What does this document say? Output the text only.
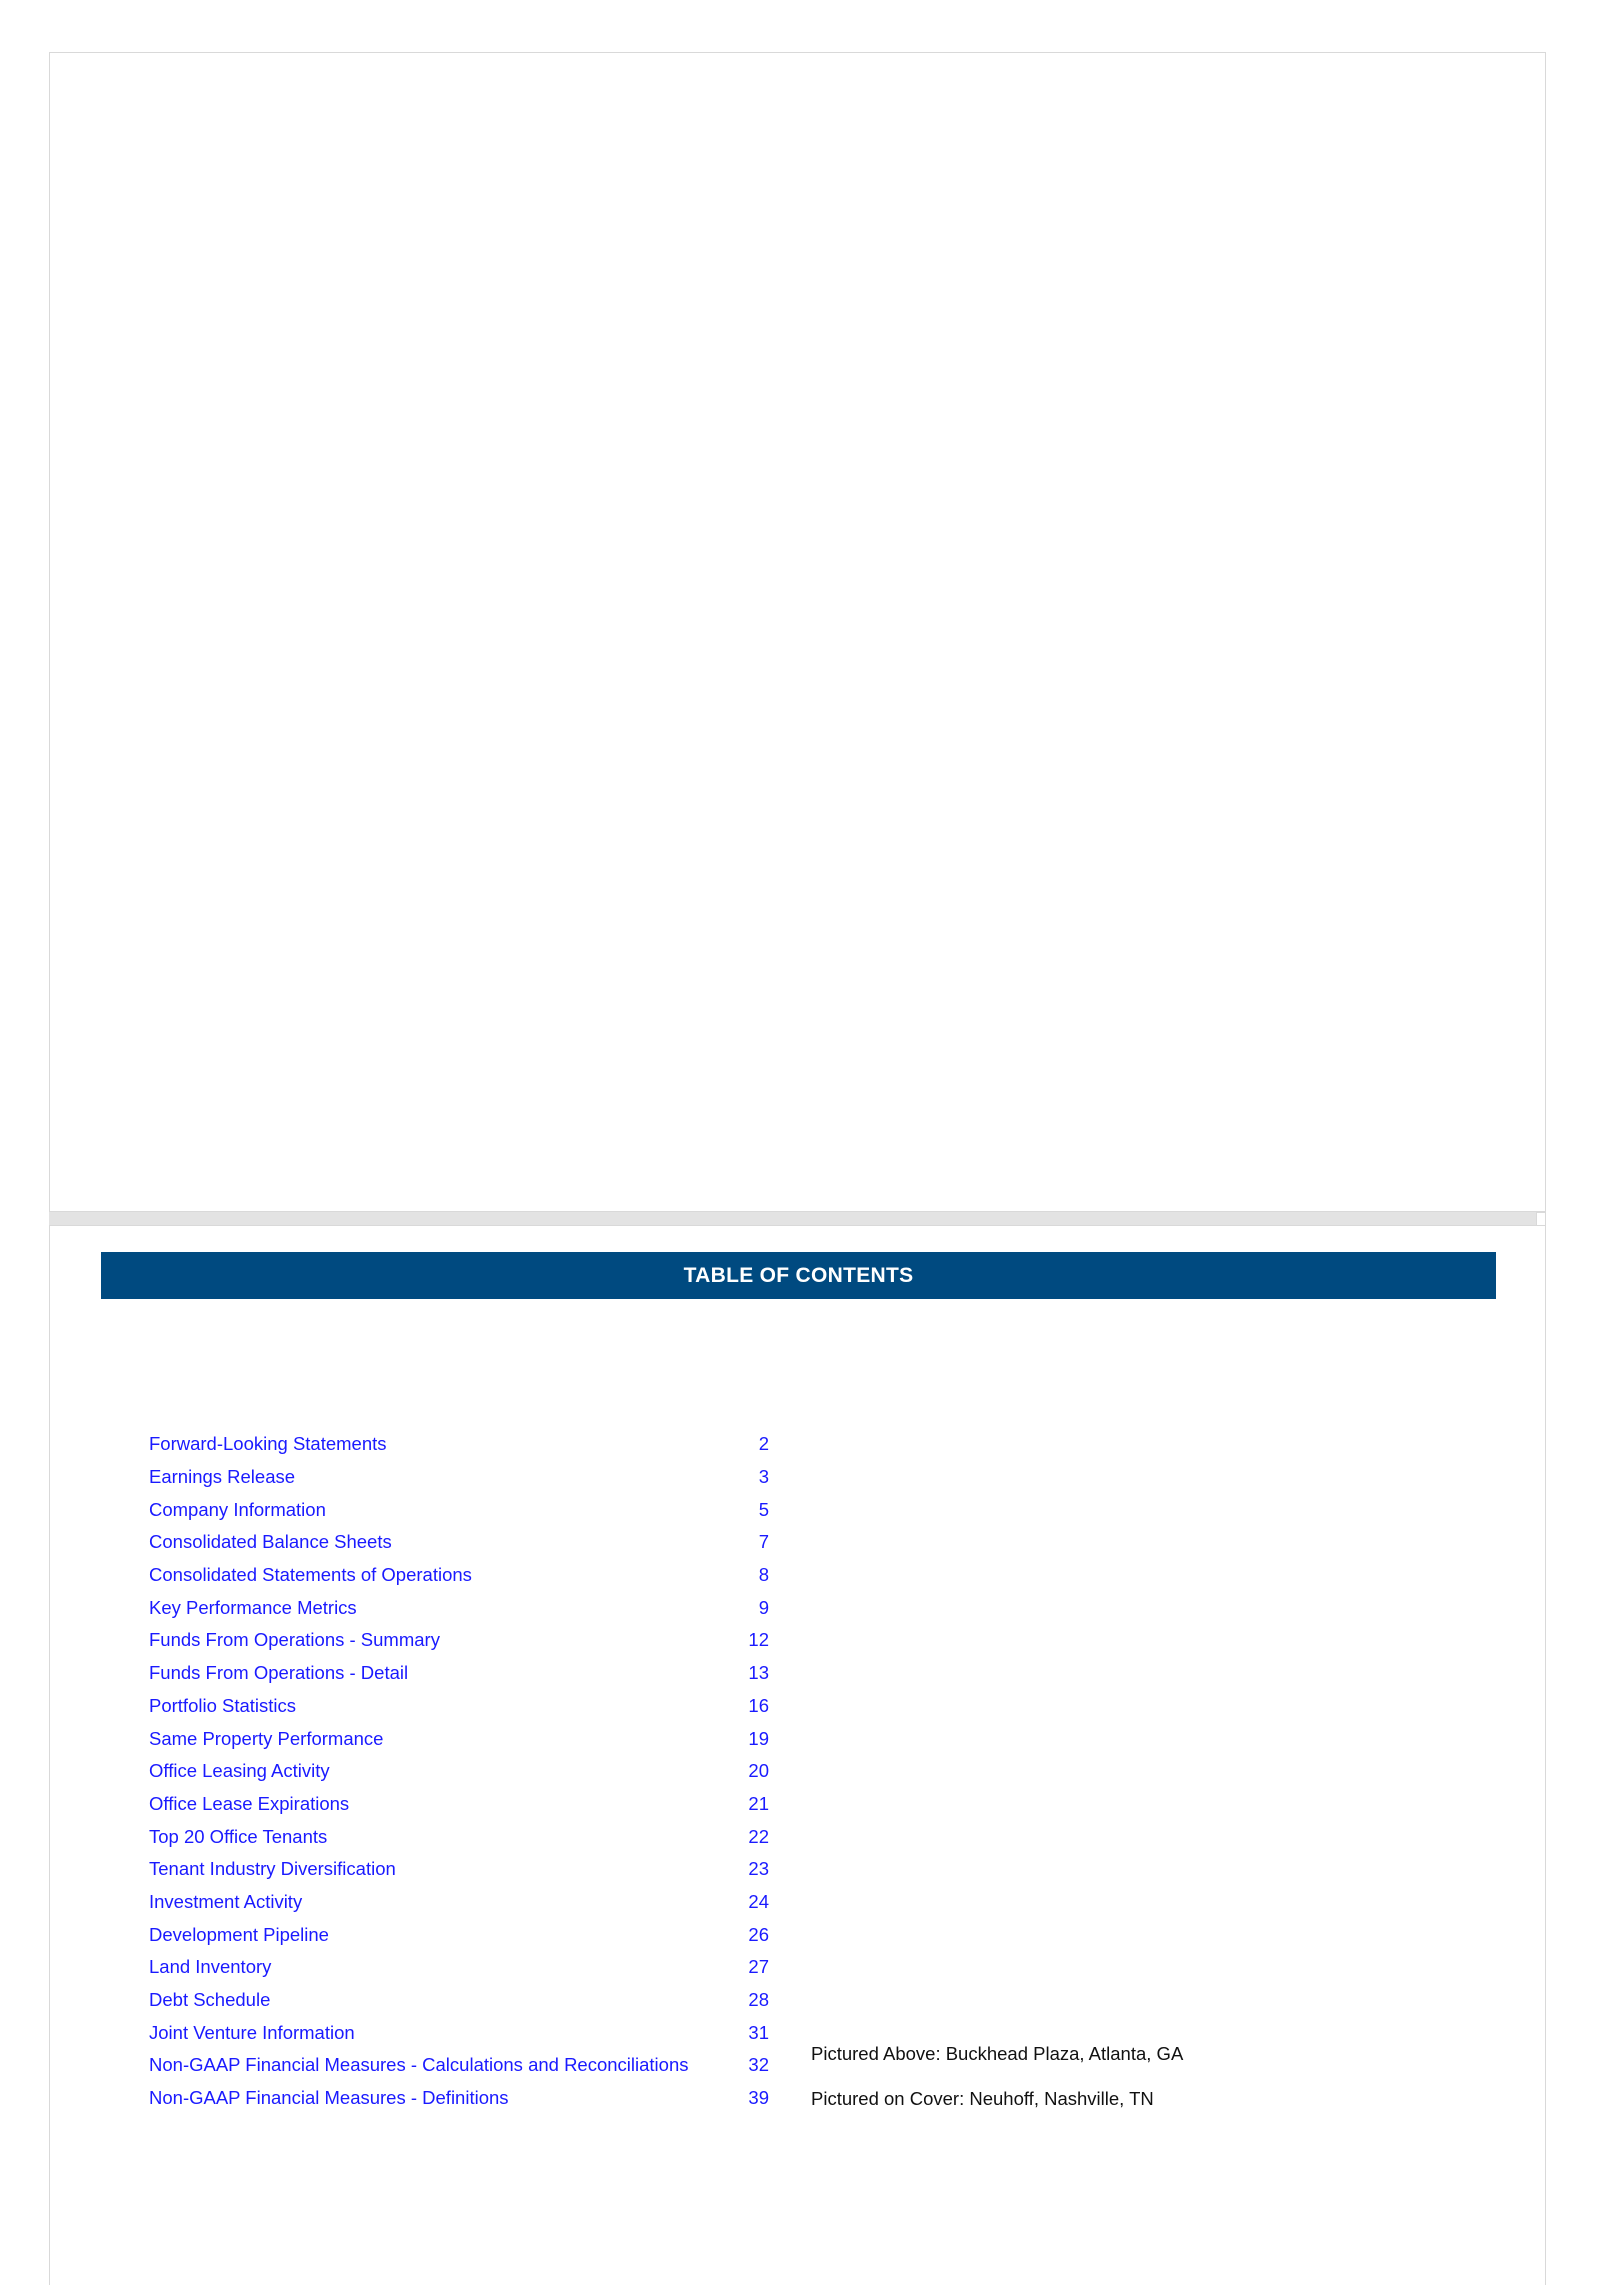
TABLE OF CONTENTS
Forward-Looking Statements	2
Earnings Release	3
Company Information	5
Consolidated Balance Sheets	7
Consolidated Statements of Operations	8
Key Performance Metrics	9
Funds From Operations - Summary	12
Funds From Operations - Detail	13
Portfolio Statistics	16
Same Property Performance	19
Office Leasing Activity	20
Office Lease Expirations	21
Top 20 Office Tenants	22
Tenant Industry Diversification	23
Investment Activity	24
Development Pipeline	26
Land Inventory	27
Debt Schedule	28
Joint Venture Information	31
Non-GAAP Financial Measures - Calculations and Reconciliations	32
Non-GAAP Financial Measures - Definitions	39
Pictured Above: Buckhead Plaza, Atlanta, GA
Pictured on Cover: Neuhoff, Nashville, TN
